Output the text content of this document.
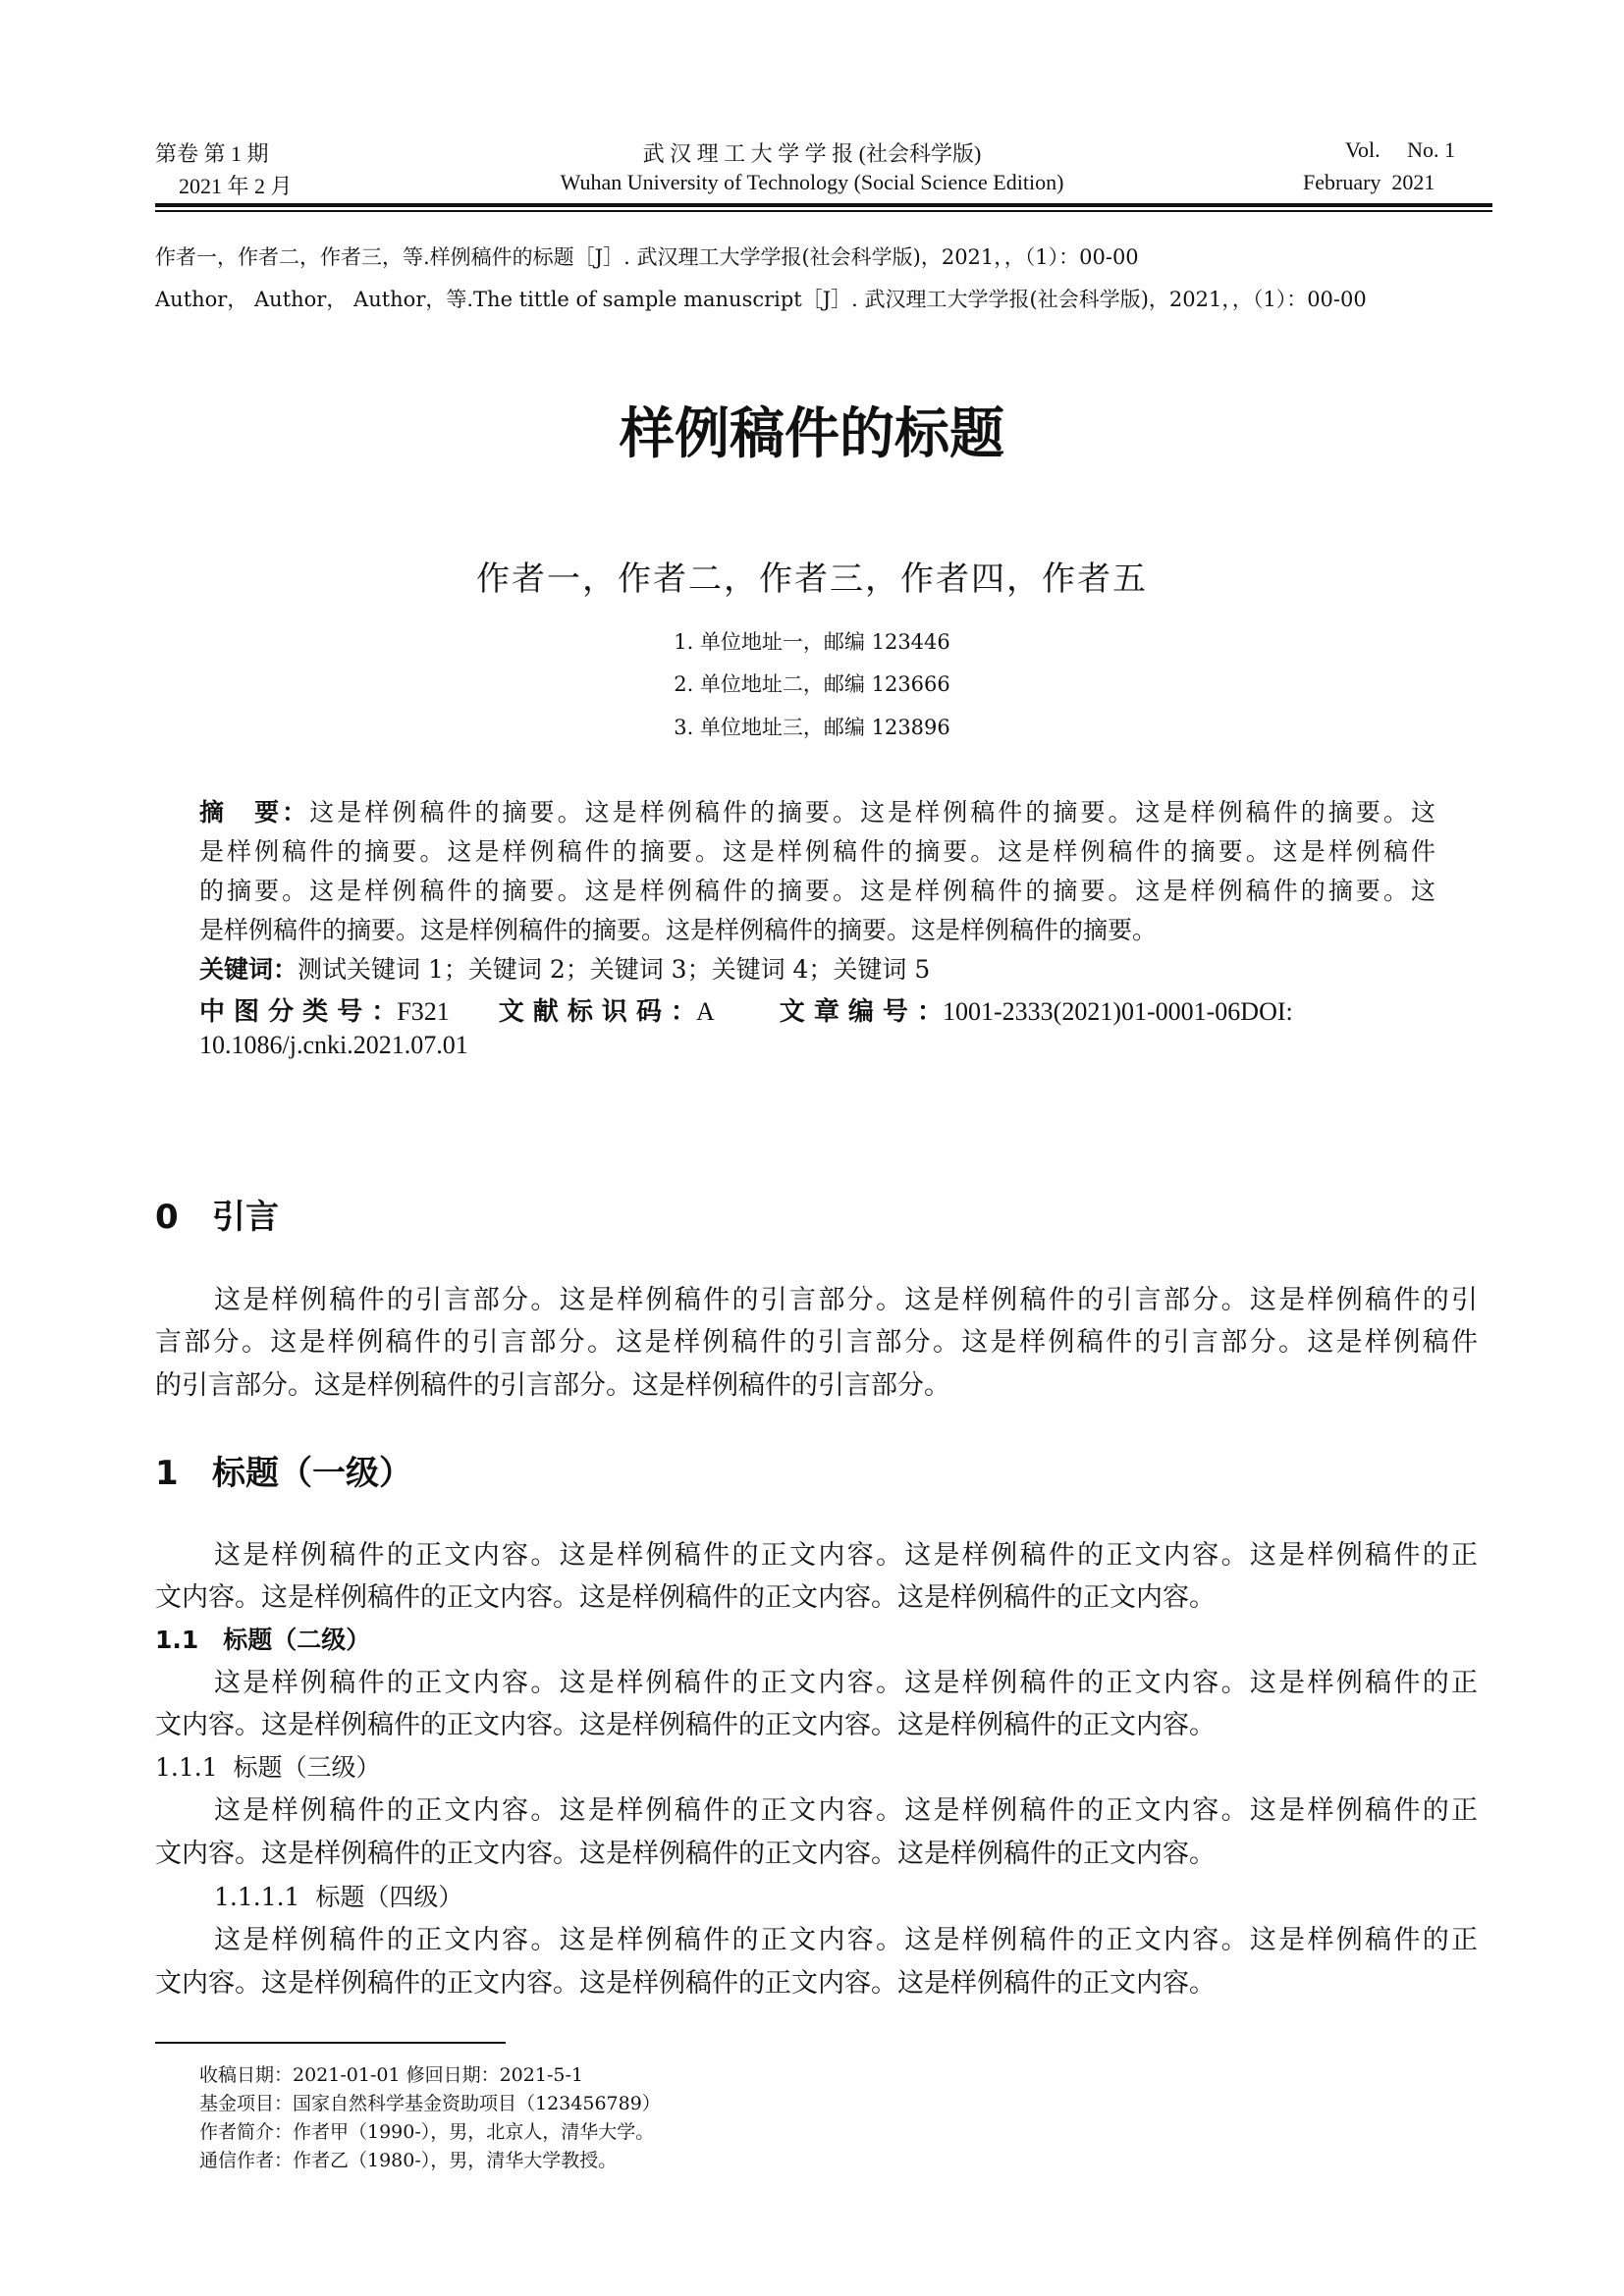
第卷 第 1 期
2021 年 2 月
武 汉 理 工 大 学 学 报 (社会科学版)
Wuhan University of Technology (Social Science Edition)
Vol.     No. 1
February  2021
作者一，作者二，作者三，等.样例稿件的标题［J］. 武汉理工大学学报(社会科学版)，2021，，（1）：00-00
Author， Author， Author，等.The tittle of sample manuscript［J］. 武汉理工大学学报(社会科学版)，2021，，（1）：00-00
样例稿件的标题
作者一，作者二，作者三，作者四，作者五
1. 单位地址一，邮编 123446
2. 单位地址二，邮编 123666
3. 单位地址三，邮编 123896
摘　要：这是样例稿件的摘要。这是样例稿件的摘要。这是样例稿件的摘要。这是样例稿件的摘要。这
是样例稿件的摘要。这是样例稿件的摘要。这是样例稿件的摘要。这是样例稿件的摘要。这是样例稿件
的摘要。这是样例稿件的摘要。这是样例稿件的摘要。这是样例稿件的摘要。这是样例稿件的摘要。这
是样例稿件的摘要。这是样例稿件的摘要。这是样例稿件的摘要。这是样例稿件的摘要。
关键词：测试关键词 1；关键词 2；关键词 3；关键词 4；关键词 5
中 图 分 类 号 ：F321 文 献 标 识 码 ：A	文 章 编 号 ：1001-2333(2021)01-0001-06DOI:
10.1086/j.cnki.2021.07.01
0 引言
这是样例稿件的引言部分。这是样例稿件的引言部分。这是样例稿件的引言部分。这是样例稿件的引
言部分。这是样例稿件的引言部分。这是样例稿件的引言部分。这是样例稿件的引言部分。这是样例稿件
的引言部分。这是样例稿件的引言部分。这是样例稿件的引言部分。
1 标题（一级）
这是样例稿件的正文内容。这是样例稿件的正文内容。这是样例稿件的正文内容。这是样例稿件的正
文内容。这是样例稿件的正文内容。这是样例稿件的正文内容。这是样例稿件的正文内容。
1.1　标题（二级）
这是样例稿件的正文内容。这是样例稿件的正文内容。这是样例稿件的正文内容。这是样例稿件的正
文内容。这是样例稿件的正文内容。这是样例稿件的正文内容。这是样例稿件的正文内容。
1.1.1  标题（三级）
这是样例稿件的正文内容。这是样例稿件的正文内容。这是样例稿件的正文内容。这是样例稿件的正
文内容。这是样例稿件的正文内容。这是样例稿件的正文内容。这是样例稿件的正文内容。
1.1.1.1  标题（四级）
这是样例稿件的正文内容。这是样例稿件的正文内容。这是样例稿件的正文内容。这是样例稿件的正
文内容。这是样例稿件的正文内容。这是样例稿件的正文内容。这是样例稿件的正文内容。
收稿日期：2021-01-01 修回日期：2021-5-1
基金项目：国家自然科学基金资助项目（123456789）
作者简介：作者甲（1990-），男，北京人，清华大学。
通信作者：作者乙（1980-），男，清华大学教授。
